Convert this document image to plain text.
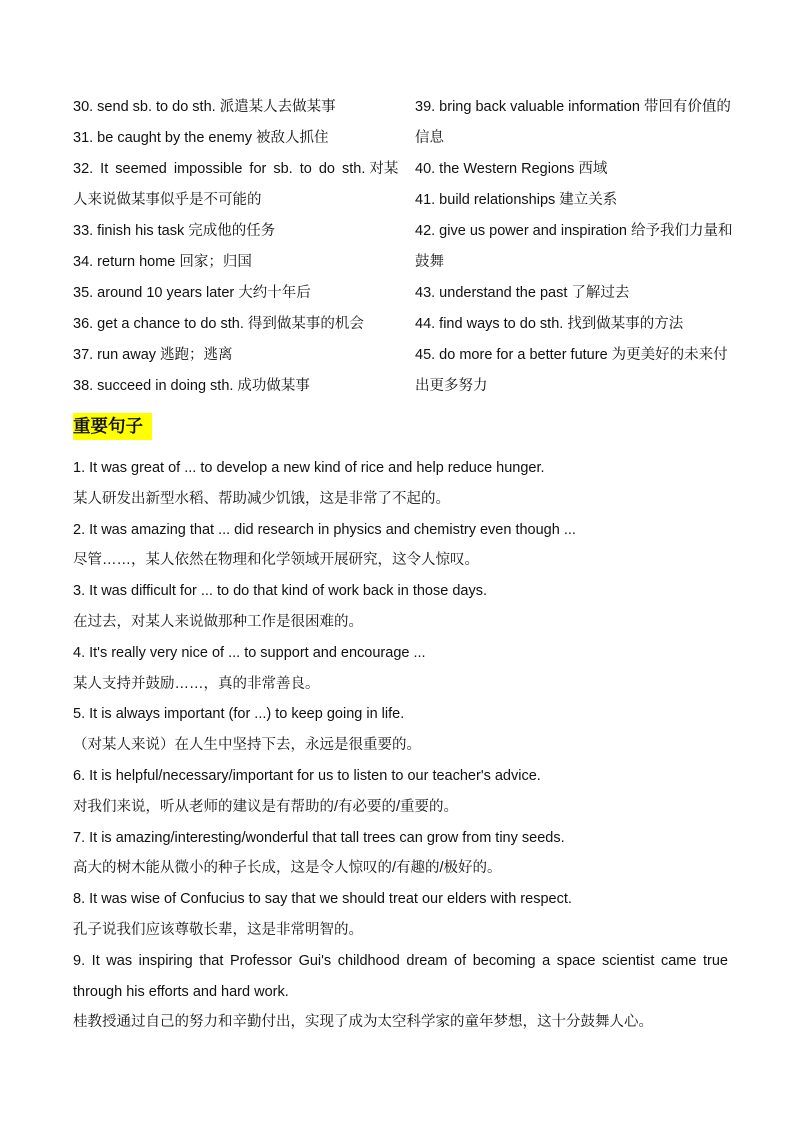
30. send sb. to do sth. 派遣某人去做某事
31. be caught by the enemy 被敌人抓住
32. It seemed impossible for sb. to do sth. 对某人来说做某事似乎是不可能的
33. finish his task 完成他的任务
34. return home 回家；归国
35. around 10 years later 大约十年后
36. get a chance to do sth. 得到做某事的机会
37. run away 逃跑；逃离
38. succeed in doing sth. 成功做某事
39. bring back valuable information 带回有价值的信息
40. the Western Regions 西域
41. build relationships 建立关系
42. give us power and inspiration 给予我们力量和鼓舞
43. understand the past 了解过去
44. find ways to do sth. 找到做某事的方法
45. do more for a better future 为更美好的未来付出更多努力
重要句子
1. It was great of ... to develop a new kind of rice and help reduce hunger.
某人研发出新型水稻、帮助减少饥饿，这是非常了不起的。
2. It was amazing that ... did research in physics and chemistry even though ...
尽管……，某人依然在物理和化学领域开展研究，这令人惊叹。
3. It was difficult for ... to do that kind of work back in those days.
在过去，对某人来说做那种工作是很困难的。
4. It's really very nice of ... to support and encourage ...
某人支持并鼓励……，真的非常善良。
5. It is always important (for ...) to keep going in life.
（对某人来说）在人生中坚持下去，永远是很重要的。
6. It is helpful/necessary/important for us to listen to our teacher's advice.
对我们来说，听从老师的建议是有帮助的/有必要的/重要的。
7. It is amazing/interesting/wonderful that tall trees can grow from tiny seeds.
高大的树木能从微小的种子长成，这是令人惊叹的/有趣的/极好的。
8. It was wise of Confucius to say that we should treat our elders with respect.
孔子说我们应该尊敬长辈，这是非常明智的。
9. It was inspiring that Professor Gui's childhood dream of becoming a space scientist came true through his efforts and hard work.
桂教授通过自己的努力和辛勤付出，实现了成为太空科学家的童年梦想，这十分鼓舞人心。
